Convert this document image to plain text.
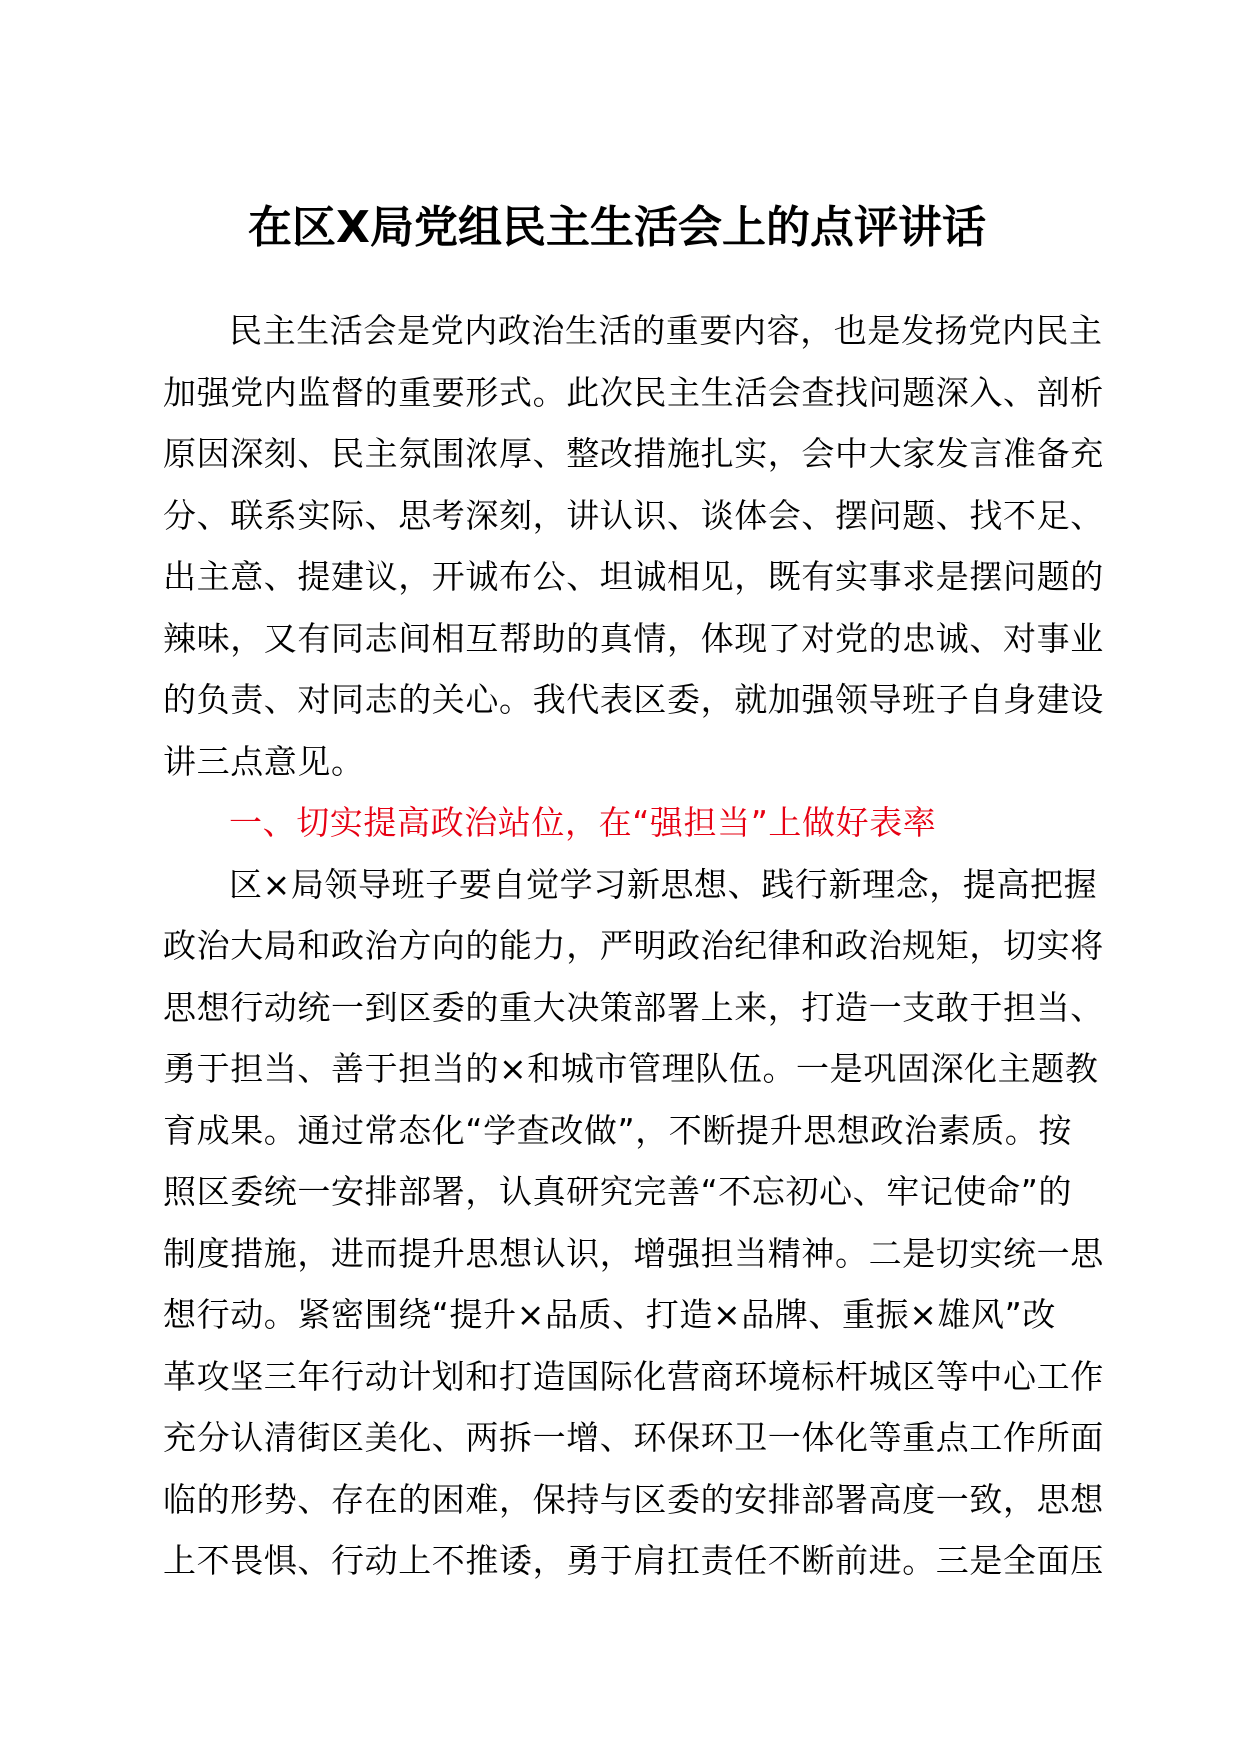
在区X局党组民主生活会上的点评讲话
民主生活会是党内政治生活的重要内容，也是发扬党内民主
加强党内监督的重要形式。此次民主生活会查找问题深入、剖析
原因深刻、民主氛围浓厚、整改措施扎实，会中大家发言准备充
分、联系实际、思考深刻，讲认识、谈体会、摆问题、找不足、
出主意、提建议，开诚布公、坦诚相见，既有实事求是摆问题的
辣味，又有同志间相互帮助的真情，体现了对党的忠诚、对事业
的负责、对同志的关心。我代表区委，就加强领导班子自身建设
讲三点意见。
一、切实提高政治站位，在“强担当”上做好表率
区×局领导班子要自觉学习新思想、践行新理念，提高把握
政治大局和政治方向的能力，严明政治纪律和政治规矩，切实将
思想行动统一到区委的重大决策部署上来，打造一支敢于担当、
勇于担当、善于担当的×和城市管理队伍。一是巩固深化主题教
育成果。通过常态化“学查改做”，不断提升思想政治素质。按
照区委统一安排部署，认真研究完善“不忘初心、牢记使命”的
制度措施，进而提升思想认识，增强担当精神。二是切实统一思
想行动。紧密围绕“提升×品质、打造×品牌、重振×雄风”改
革攻坚三年行动计划和打造国际化营商环境标杆城区等中心工作
充分认清街区美化、两拆一增、环保环卫一体化等重点工作所面
临的形势、存在的困难，保持与区委的安排部署高度一致，思想
上不畏惧、行动上不推诿，勇于肩扛责任不断前进。三是全面压
